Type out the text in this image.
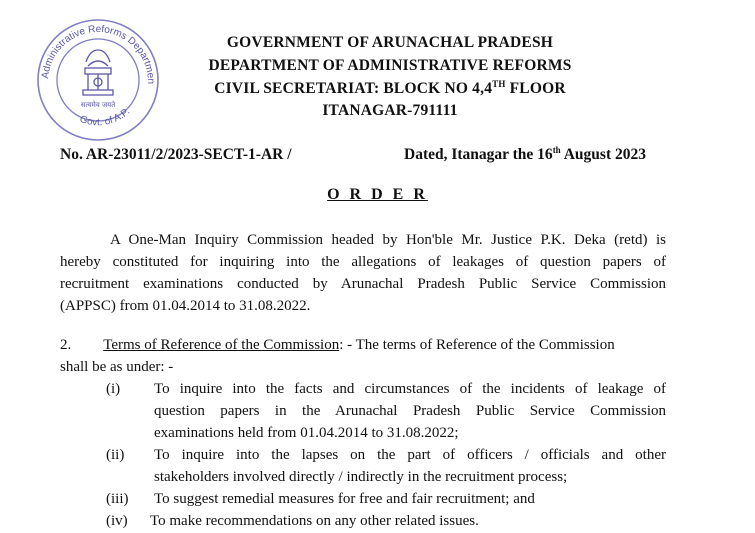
Administrative Reforms Departmen
Govt. of A.P.
सत्यमेव जयते
GOVERNMENT OF ARUNACHAL PRADESH
DEPARTMENT OF ADMINISTRATIVE REFORMS
CIVIL SECRETARIAT: BLOCK NO 4,4TH FLOOR
ITANAGAR-791111
No. AR-23011/2/2023-SECT-1-AR /	Dated, Itanagar the 16th August 2023
O R D E R
A One-Man Inquiry Commission headed by Hon'ble Mr. Justice P.K. Deka (retd) is
hereby constituted for inquiring into the allegations of leakages of question papers of
recruitment examinations conducted by Arunachal Pradesh Public Service Commission
(APPSC) from 01.04.2014 to 31.08.2022.
2. Terms of Reference of the Commission: - The terms of Reference of the Commission
shall be as under: -
(i) To inquire into the facts and circumstances of the incidents of leakage of
question papers in the Arunachal Pradesh Public Service Commission
examinations held from 01.04.2014 to 31.08.2022;
(ii) To inquire into the lapses on the part of officers / officials and other
stakeholders involved directly / indirectly in the recruitment process;
(iii) To suggest remedial measures for free and fair recruitment; and
(iv) To make recommendations on any other related issues.
